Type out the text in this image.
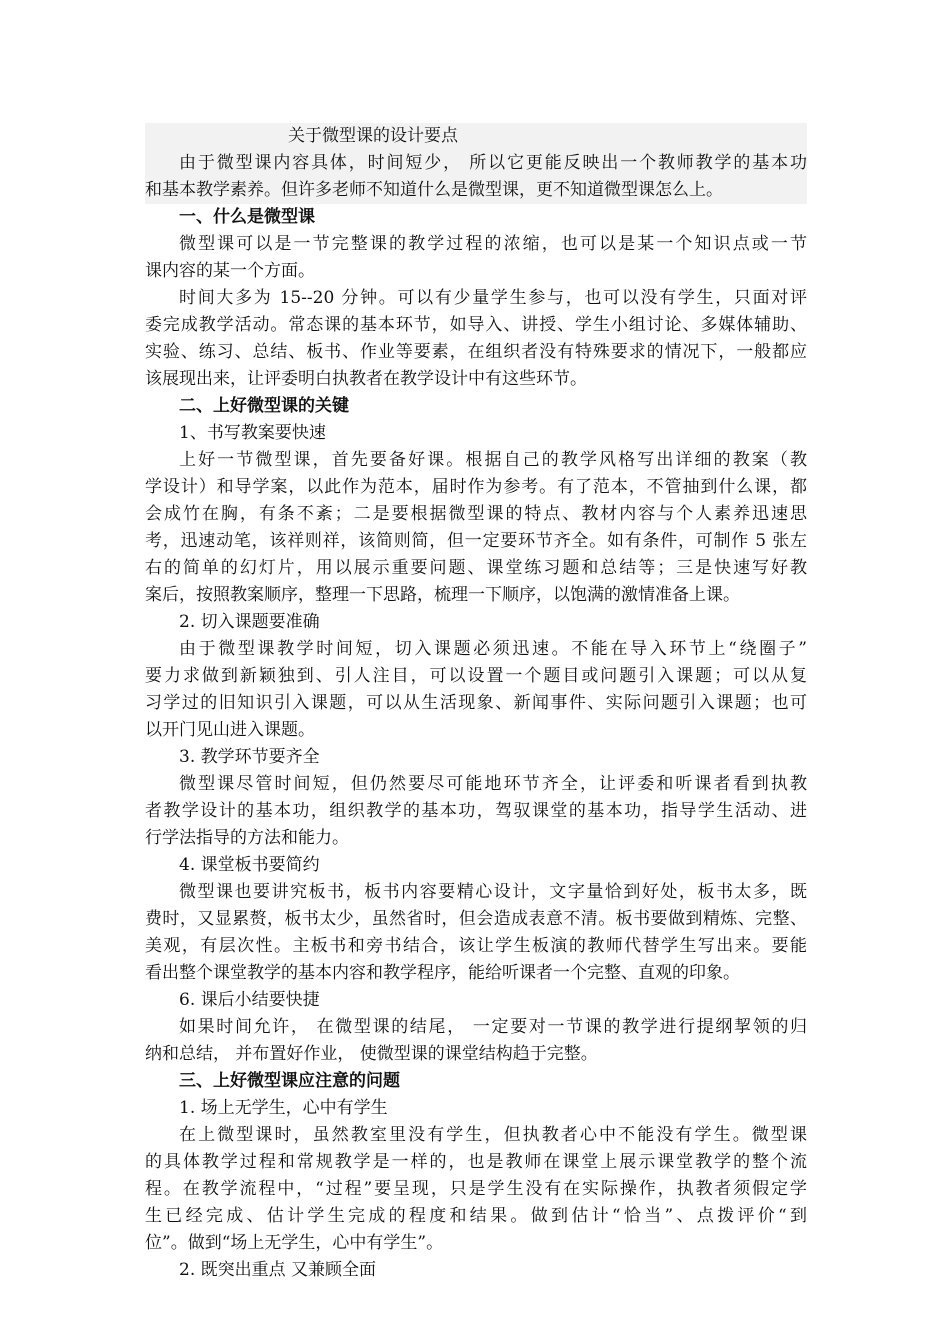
关于微型课的设计要点
由于微型课内容具体，时间短少， 所以它更能反映出一个教师教学的基本功
和基本教学素养。但许多老师不知道什么是微型课，更不知道微型课怎么上。
一、什么是微型课
微型课可以是一节完整课的教学过程的浓缩，也可以是某一个知识点或一节
课内容的某一个方面。
时间大多为 15--20 分钟。可以有少量学生参与，也可以没有学生，只面对评
委完成教学活动。常态课的基本环节，如导入、讲授、学生小组讨论、多媒体辅助、
实验、练习、总结、板书、作业等要素，在组织者没有特殊要求的情况下，一般都应
该展现出来，让评委明白执教者在教学设计中有这些环节。
二、上好微型课的关键
1、书写教案要快速
上好一节微型课，首先要备好课。根据自己的教学风格写出详细的教案（教
学设计）和导学案，以此作为范本，届时作为参考。有了范本，不管抽到什么课，都
会成竹在胸，有条不紊；二是要根据微型课的特点、教材内容与个人素养迅速思
考，迅速动笔，该祥则祥，该简则简，但一定要环节齐全。如有条件，可制作 5 张左
右的简单的幻灯片，用以展示重要问题、课堂练习题和总结等；三是快速写好教
案后，按照教案顺序，整理一下思路，梳理一下顺序，以饱满的激情准备上课。
2. 切入课题要准确
由于微型课教学时间短，切入课题必须迅速。不能在导入环节上“绕圈子”
要力求做到新颖独到、引人注目，可以设置一个题目或问题引入课题；可以从复
习学过的旧知识引入课题，可以从生活现象、新闻事件、实际问题引入课题；也可
以开门见山进入课题。
3. 教学环节要齐全
微型课尽管时间短，但仍然要尽可能地环节齐全，让评委和听课者看到执教
者教学设计的基本功，组织教学的基本功，驾驭课堂的基本功，指导学生活动、进
行学法指导的方法和能力。
4. 课堂板书要简约
微型课也要讲究板书，板书内容要精心设计，文字量恰到好处，板书太多，既
费时，又显累赘，板书太少，虽然省时，但会造成表意不清。板书要做到精炼、完整、
美观，有层次性。主板书和旁书结合，该让学生板演的教师代替学生写出来。要能
看出整个课堂教学的基本内容和教学程序，能给听课者一个完整、直观的印象。
6. 课后小结要快捷
如果时间允许， 在微型课的结尾， 一定要对一节课的教学进行提纲挈领的归
纳和总结， 并布置好作业， 使微型课的课堂结构趋于完整。
三、上好微型课应注意的问题
1. 场上无学生，心中有学生
在上微型课时，虽然教室里没有学生，但执教者心中不能没有学生。微型课
的具体教学过程和常规教学是一样的，也是教师在课堂上展示课堂教学的整个流
程。在教学流程中，“过程”要呈现，只是学生没有在实际操作，执教者须假定学
生已经完成、估计学生完成的程度和结果。做到估计“恰当”、点拨评价“到
位”。做到“场上无学生，心中有学生”。
2. 既突出重点 又兼顾全面
